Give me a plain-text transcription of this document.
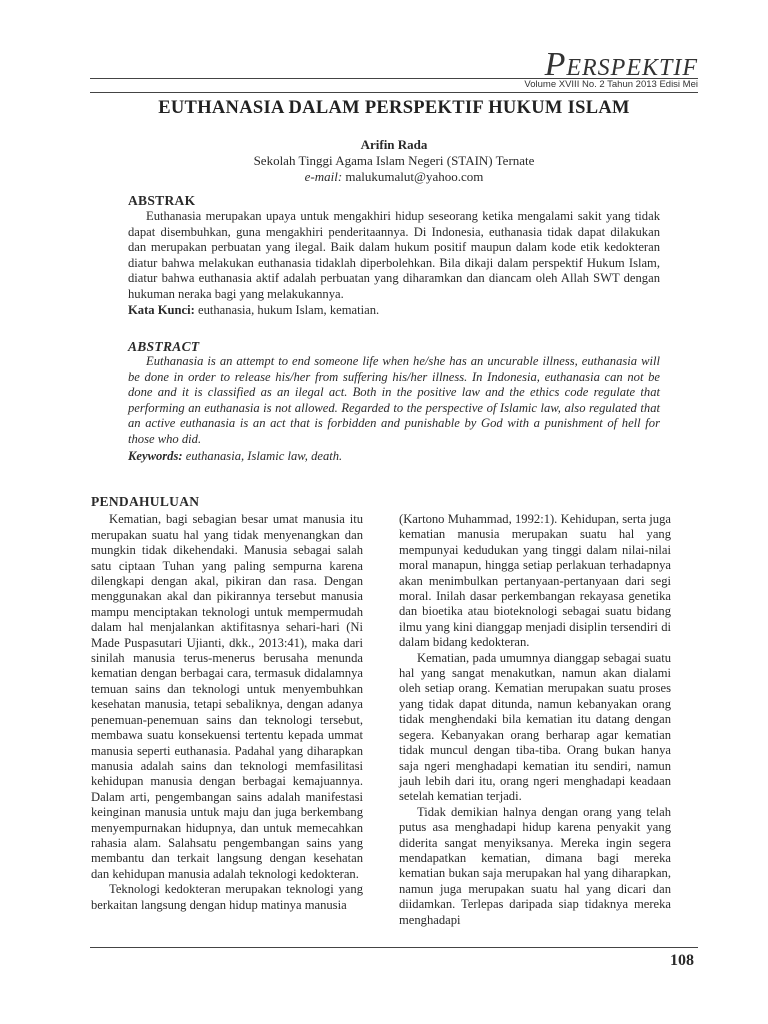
PERSPEKTIF
Volume XVIII No. 2 Tahun 2013 Edisi Mei
EUTHANASIA DALAM PERSPEKTIF HUKUM ISLAM
Arifin Rada
Sekolah Tinggi Agama Islam Negeri (STAIN) Ternate
e-mail: malukumalut@yahoo.com
ABSTRAK

Euthanasia merupakan upaya untuk mengakhiri hidup seseorang ketika mengalami sakit yang tidak dapat disembuhkan, guna mengakhiri penderitaannya. Di Indonesia, euthanasia tidak dapat dilakukan dan merupakan perbuatan yang ilegal. Baik dalam hukum positif maupun dalam kode etik kedokteran diatur bahwa melakukan euthanasia tidaklah diperbolehkan. Bila dikaji dalam perspektif Hukum Islam, diatur bahwa euthanasia aktif adalah perbuatan yang diharamkan dan diancam oleh Allah SWT dengan hukuman neraka bagi yang melakukannya.

Kata Kunci: euthanasia, hukum Islam, kematian.
ABSTRACT

Euthanasia is an attempt to end someone life when he/she has an uncurable illness, euthanasia will be done in order to release his/her from suffering his/her illness. In Indonesia, euthanasia can not be done and it is classified as an ilegal act. Both in the positive law and the ethics code regulate that performing an euthanasia is not allowed. Regarded to the perspective of Islamic law, also regulated that an active euthanasia is an act that is forbidden and punishable by God with a punishment of hell for those who did.

Keywords: euthanasia, Islamic law, death.
PENDAHULUAN

Kematian, bagi sebagian besar umat manusia itu merupakan suatu hal yang tidak menyenangkan dan mungkin tidak dikehendaki. Manusia sebagai salah satu ciptaan Tuhan yang paling sempurna karena dilengkapi dengan akal, pikiran dan rasa. Dengan menggunakan akal dan pikirannya tersebut manusia mampu menciptakan teknologi untuk mempermudah dalam hal menjalankan aktifitasnya sehari-hari (Ni Made Puspasutari Ujianti, dkk., 2013:41), maka dari sinilah manusia terus-menerus berusaha menunda kematian dengan berbagai cara, termasuk didalamnya temuan sains dan teknologi untuk menyembuhkan kesehatan manusia, tetapi sebaliknya, dengan adanya penemuan-penemuan sains dan teknologi tersebut, membawa suatu konsekuensi tertentu kepada ummat manusia seperti euthanasia. Padahal yang diharapkan manusia adalah sains dan teknologi memfasilitasi kehidupan manusia dengan berbagai kemajuannya. Dalam arti, pengembangan sains adalah manifestasi keinginan manusia untuk maju dan juga berkembang menyempurnakan hidupnya, dan untuk memecahkan rahasia alam. Salahsatu pengembangan sains yang membantu dan terkait langsung dengan kesehatan dan kehidupan manusia adalah teknologi kedokteran.

Teknologi kedokteran merupakan teknologi yang berkaitan langsung dengan hidup matinya manusia

(Kartono Muhammad, 1992:1). Kehidupan, serta juga kematian manusia merupakan suatu hal yang mempunyai kedudukan yang tinggi dalam nilai-nilai moral manapun, hingga setiap perlakuan terhadapnya akan menimbulkan pertanyaan-pertanyaan dari segi moral. Inilah dasar perkembangan rekayasa genetika dan bioetika atau bioteknologi sebagai suatu bidang ilmu yang kini dianggap menjadi disiplin tersendiri di dalam bidang kedokteran.

Kematian, pada umumnya dianggap sebagai suatu hal yang sangat menakutkan, namun akan dialami oleh setiap orang. Kematian merupakan suatu proses yang tidak dapat ditunda, namun kebanyakan orang tidak menghendaki bila kematian itu datang dengan segera. Kebanyakan orang berharap agar kematian tidak muncul dengan tiba-tiba. Orang bukan hanya saja ngeri menghadapi kematian itu sendiri, namun jauh lebih dari itu, orang ngeri menghadapi keadaan setelah kematian terjadi.

Tidak demikian halnya dengan orang yang telah putus asa menghadapi hidup karena penyakit yang diderita sangat menyiksanya. Mereka ingin segera mendapatkan kematian, dimana bagi mereka kematian bukan saja merupakan hal yang diharapkan, namun juga merupakan suatu hal yang dicari dan diidamkan. Terlepas daripada siap tidaknya mereka menghadapi

108
